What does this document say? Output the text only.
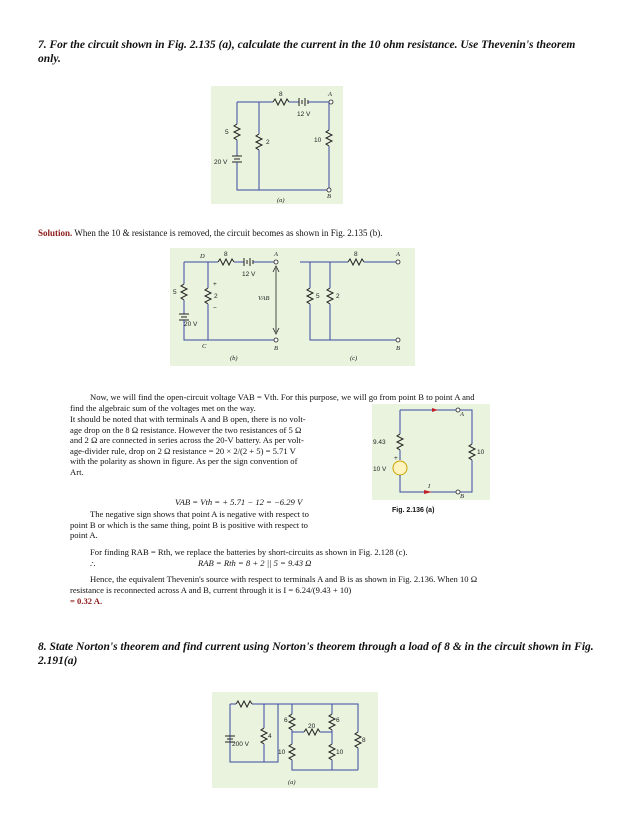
7. For the circuit shown in Fig. 2.135 (a), calculate the current in the 10 ohm resistance. Use Thevenin's theorem only.
8
12 V
A
5
2	10
20 V
B
(a)
Solution. When the 10 & resistance is removed, the circuit becomes as shown in Fig. 2.135 (b).
D	8
12 V
A
5
2
+
−
20 V
C
VAB
B
(b)
8	A
5	2
B
(c)
Now, we will find the open-circuit voltage VAB = Vth. For this purpose, we will go from point B to point A and find the algebraic sum of the voltages met on the way.
It should be noted that with terminals A and B open, there is no volt-
age drop on the 8 Ω resistance. However the two resistances of 5 Ω
and 2 Ω are connected in series across the 20-V battery. As per volt-
age-divider rule, drop on 2 Ω resistance = 20 × 2/(2 + 5) = 5.71 V
with the polarity as shown in figure. As per the sign convention of
Art.
9.43
A
10
+
10 V
I
B
Fig. 2.136 (a)
VAB = Vth = + 5.71 − 12 = −6.29 V
The negative sign shows that point A is negative with respect to
point B or which is the same thing, point B is positive with respect to
point A.
For finding RAB = Rth, we replace the batteries by short-circuits as shown in Fig. 2.128 (c).
∴	RAB = Rth = 8 + 2 || 5 = 9.43 Ω
Hence, the equivalent Thevenin's source with respect to terminals A and B is as shown in Fig. 2.136. When 10 Ω resistance is reconnected across A and B, current through it is I = 6.24/(9.43 + 10)
= 0.32 A.
8. State Norton's theorem and find current using Norton's theorem through a load of 8 & in the circuit shown in Fig. 2.191(a)
200 V
4
6
20
6
8
10	10
(a)
